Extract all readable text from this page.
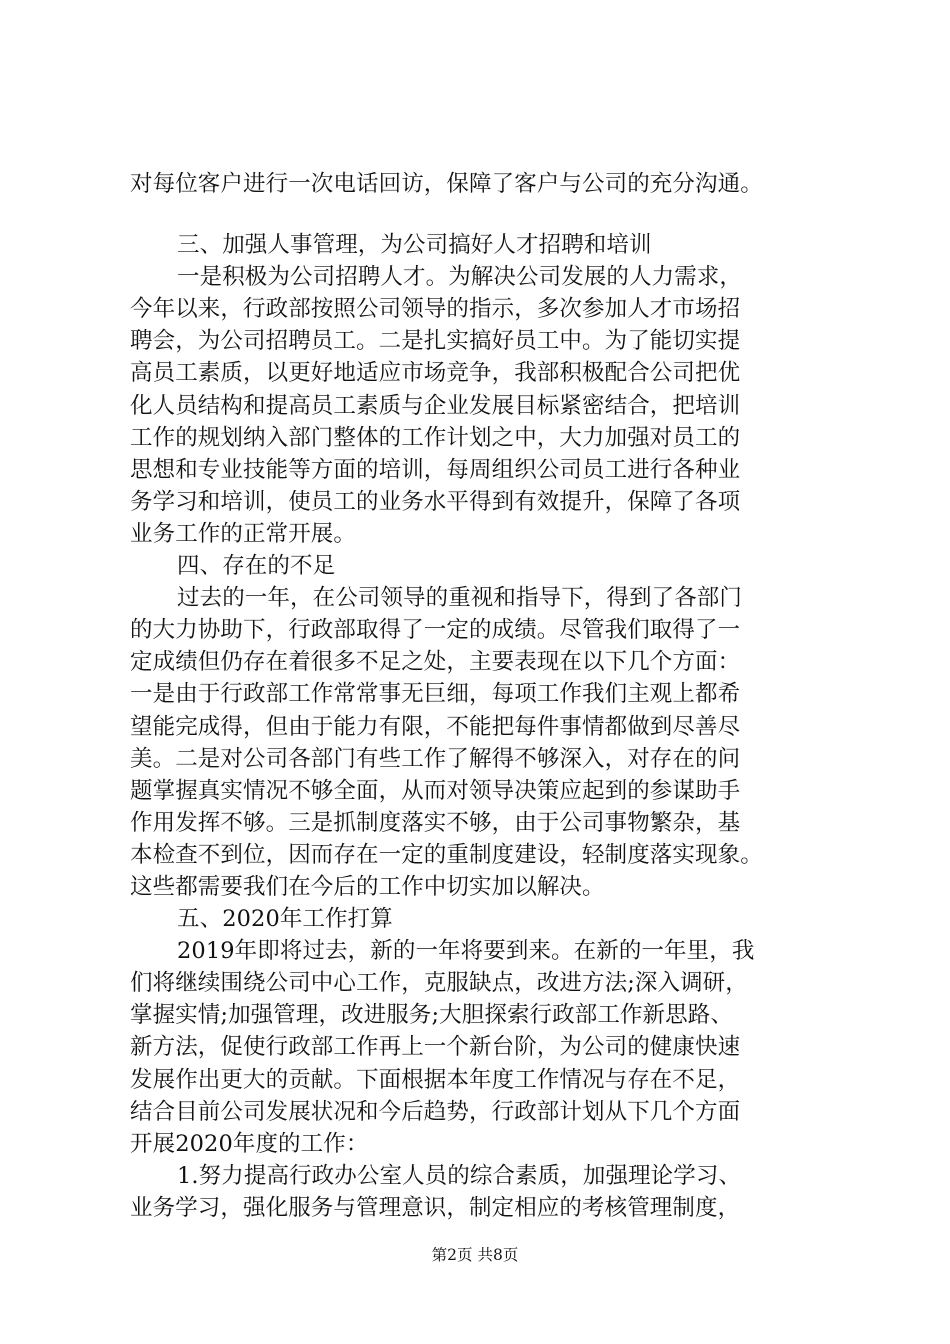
对每位客户进行一次电话回访，保障了客户与公司的充分沟通。
三、加强人事管理，为公司搞好人才招聘和培训
一是积极为公司招聘人才。为解决公司发展的人力需求，
今年以来，行政部按照公司领导的指示，多次参加人才市场招
聘会，为公司招聘员工。二是扎实搞好员工中。为了能切实提
高员工素质，以更好地适应市场竞争，我部积极配合公司把优
化人员结构和提高员工素质与企业发展目标紧密结合，把培训
工作的规划纳入部门整体的工作计划之中，大力加强对员工的
思想和专业技能等方面的培训，每周组织公司员工进行各种业
务学习和培训，使员工的业务水平得到有效提升，保障了各项
业务工作的正常开展。
四、存在的不足
过去的一年，在公司领导的重视和指导下，得到了各部门
的大力协助下，行政部取得了一定的成绩。尽管我们取得了一
定成绩但仍存在着很多不足之处，主要表现在以下几个方面：
一是由于行政部工作常常事无巨细，每项工作我们主观上都希
望能完成得，但由于能力有限，不能把每件事情都做到尽善尽
美。二是对公司各部门有些工作了解得不够深入，对存在的问
题掌握真实情况不够全面，从而对领导决策应起到的参谋助手
作用发挥不够。三是抓制度落实不够，由于公司事物繁杂，基
本检查不到位，因而存在一定的重制度建设，轻制度落实现象。
这些都需要我们在今后的工作中切实加以解决。
五、2020年工作打算
2019年即将过去，新的一年将要到来。在新的一年里，我
们将继续围绕公司中心工作，克服缺点，改进方法;深入调研，
掌握实情;加强管理，改进服务;大胆探索行政部工作新思路、
新方法，促使行政部工作再上一个新台阶，为公司的健康快速
发展作出更大的贡献。下面根据本年度工作情况与存在不足，
结合目前公司发展状况和今后趋势，行政部计划从下几个方面
开展2020年度的工作：
1.努力提高行政办公室人员的综合素质，加强理论学习、
业务学习，强化服务与管理意识，制定相应的考核管理制度，
第2页 共8页
